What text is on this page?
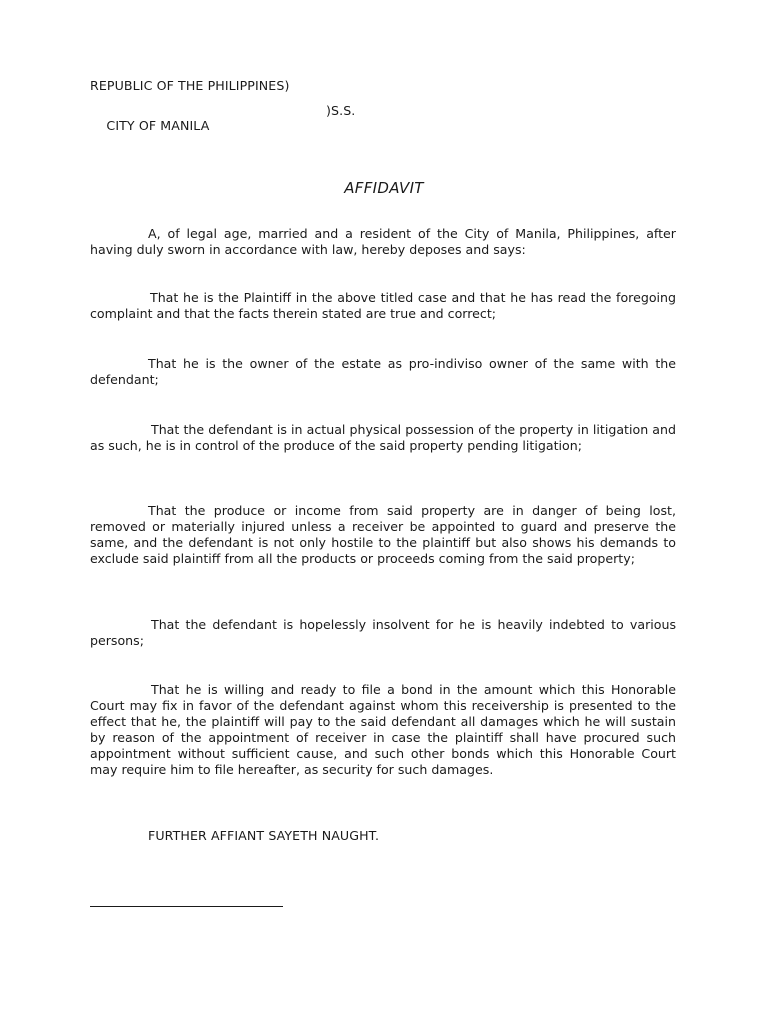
REPUBLIC OF THE PHILIPPINES)

CITY OF MANILA

)S.S.

AFFIDAVIT

A, of legal age, married and a resident of the City of Manila, Philippines, after having duly sworn in accordance with law, hereby deposes and says:

That he is the Plaintiff in the above titled case and that he has read the foregoing complaint and that the facts therein stated are true and correct;

That he is the owner of the estate as pro-indiviso owner of the same with the defendant;

That the defendant is in actual physical possession of the property in litigation and as such, he is in control of the produce of the said property pending litigation;

That the produce or income from said property are in danger of being lost, removed or materially injured unless a receiver be appointed to guard and preserve the same, and the defendant is not only hostile to the plaintiff but also shows his demands to exclude said plaintiff from all the products or proceeds coming from the said property;

That the defendant is hopelessly insolvent for he is heavily indebted to various persons;

That he is willing and ready to file a bond in the amount which this Honorable Court may fix in favor of the defendant against whom this receivership is presented to the effect that he, the plaintiff will pay to the said defendant all damages which he will sustain by reason of the appointment of receiver in case the plaintiff shall have procured such appointment without sufficient cause, and such other bonds which this Honorable Court may require him to file hereafter, as security for such damages.

FURTHER AFFIANT SAYETH NAUGHT.
